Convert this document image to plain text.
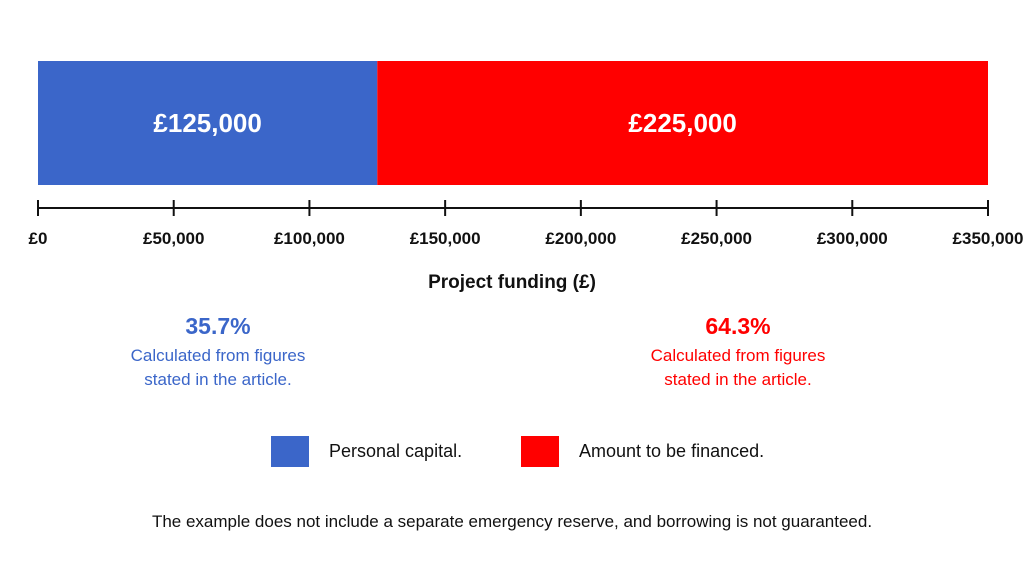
£125,000	£225,000
£0	£50,000	£100,000	£150,000	£200,000	£250,000	£300,000	£350,000
Project funding (£)
35.7%
Calculated from figures
stated in the article.
64.3%
Calculated from figures
stated in the article.
Personal capital.	Amount to be financed.
The example does not include a separate emergency reserve, and borrowing is not guaranteed.
